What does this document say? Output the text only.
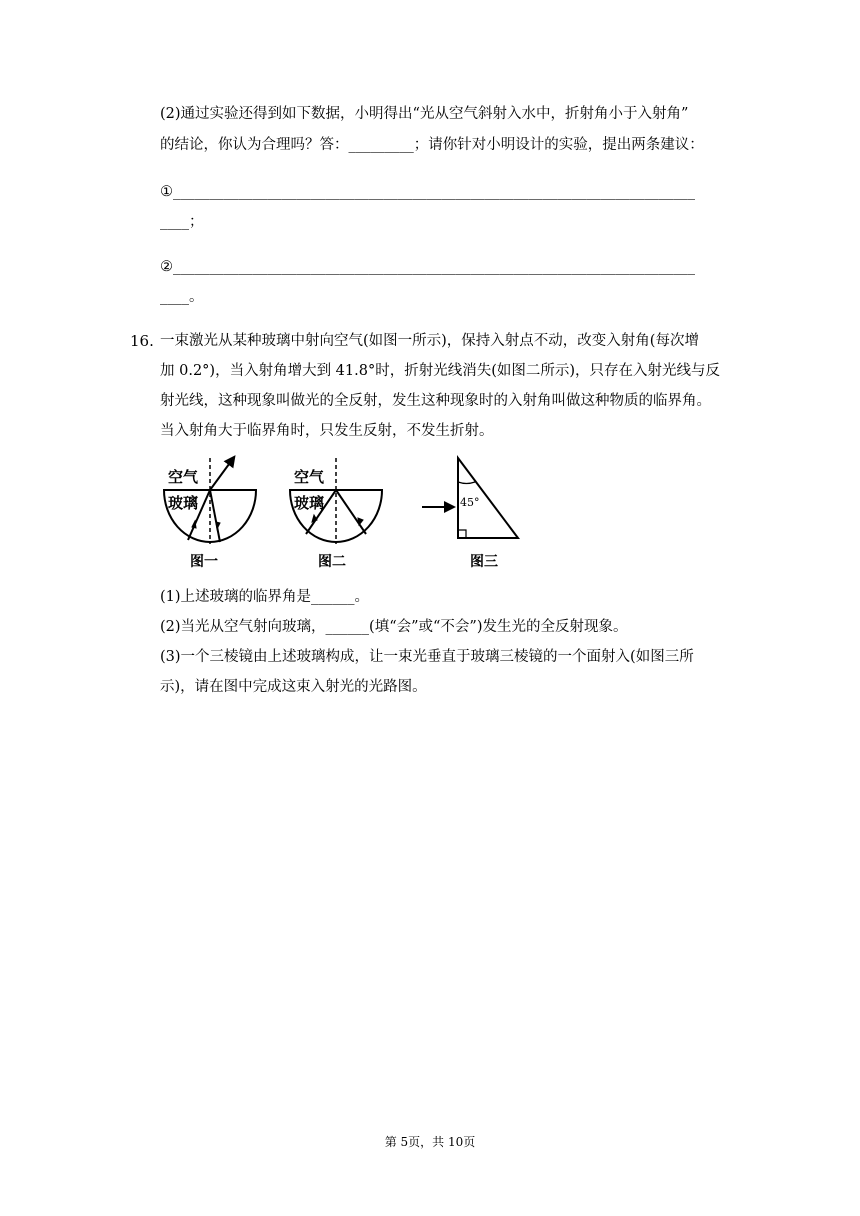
(2)通过实验还得到如下数据，小明得出“光从空气斜射入水中，折射角小于入射角”
的结论，你认为合理吗？答：_________；请你针对小明设计的实验，提出两条建议：
①________________________________________________________________________
____；
②________________________________________________________________________
____。
16. 一束激光从某种玻璃中射向空气(如图一所示)，保持入射点不动，改变入射角(每次增
加 0.2°)，当入射角增大到 41.8°时，折射光线消失(如图二所示)，只存在入射光线与反
射光线，这种现象叫做光的全反射，发生这种现象时的入射角叫做这种物质的临界角。
当入射角大于临界角时，只发生反射，不发生折射。
空气
玻璃
图一
空气
玻璃
图二
45°
图三
(1)上述玻璃的临界角是______。
(2)当光从空气射向玻璃，______(填“会”或“不会”)发生光的全反射现象。
(3)一个三棱镜由上述玻璃构成，让一束光垂直于玻璃三棱镜的一个面射入(如图三所
示)，请在图中完成这束入射光的光路图。
第 5页，共 10页
